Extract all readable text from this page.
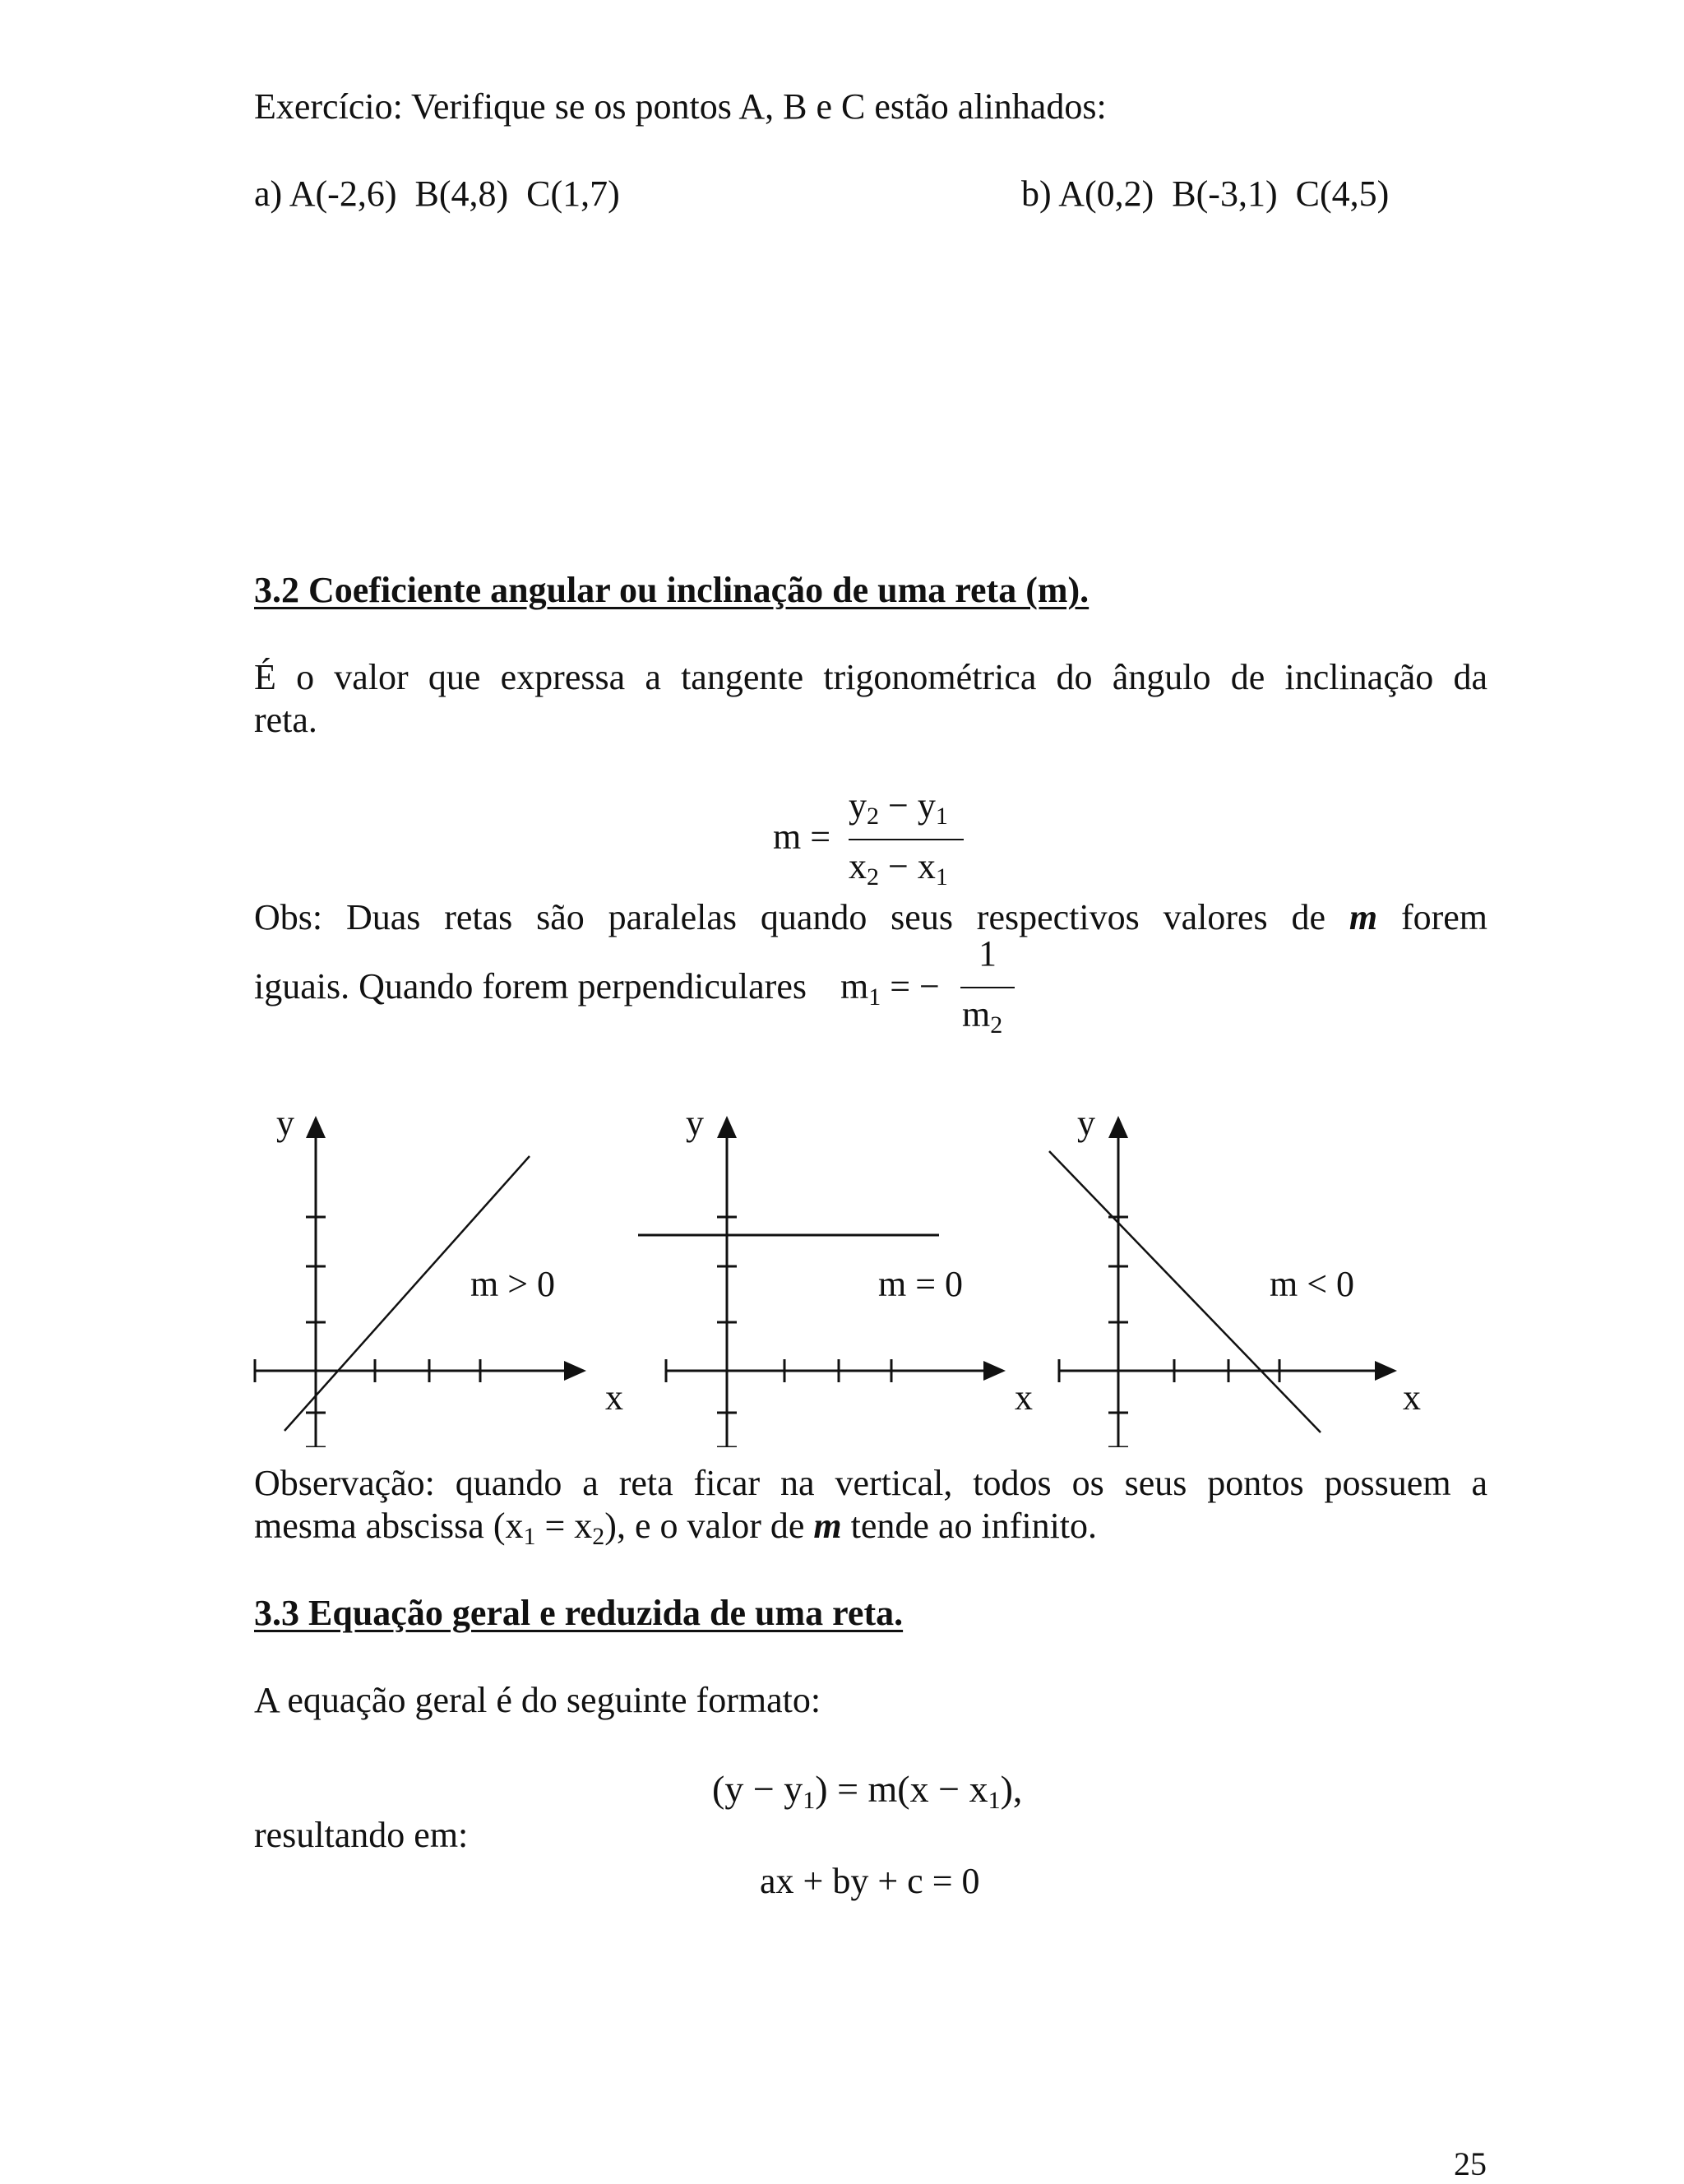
Exercício: Verifique se os pontos A, B e C estão alinhados:
a) A(-2,6)  B(4,8)  C(1,7)	b) A(0,2)  B(-3,1)  C(4,5)
3.2 Coeficiente angular ou inclinação de uma reta (m).
É o valor que expressa a tangente trigonométrica do ângulo de inclinação da
reta.
m =
$y_2 - y_1$
$x_2 - x_1$
Obs: Duas retas são paralelas quando seus respectivos valores de m forem
iguais. Quando forem perpendiculares $m_1$ = −
1
$m_2$
y
x
m > 0
y
x
m = 0
y
x
m < 0
Observação: quando a reta ficar na vertical, todos os seus pontos possuem a
mesma abscissa $(x_1 = x_2)$, e o valor de m tende ao infinito.
3.3 Equação geral e reduzida de uma reta.
A equação geral é do seguinte formato:
$(y - y_1) = m(x - x_1)$,
resultando em:
ax + by + c = 0
25
